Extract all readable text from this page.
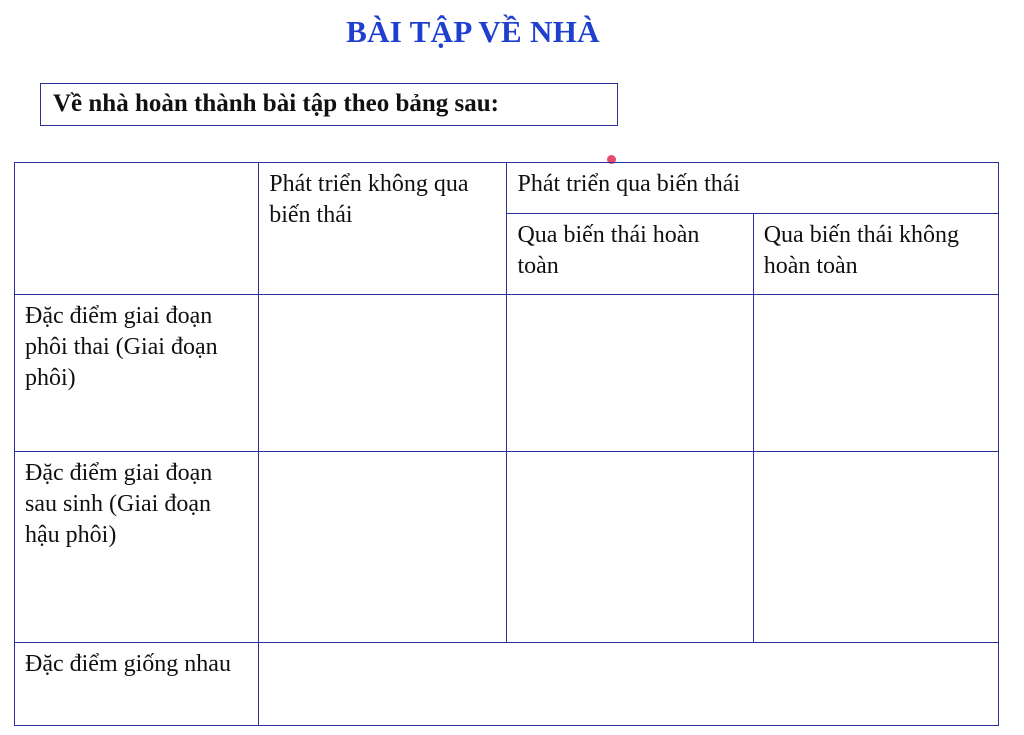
BÀI TẬP VỀ NHÀ
Về nhà hoàn thành bài tập theo bảng sau:
	Phát triển không qua biến thái	Phát triển qua biến thái	
		Qua biến thái hoàn toàn	Qua biến thái không hoàn toàn
Đặc điểm giai đoạn phôi thai (Giai đoạn phôi)			
Đặc điểm giai đoạn sau sinh (Giai đoạn hậu phôi)			
Đặc điểm giống nhau			
